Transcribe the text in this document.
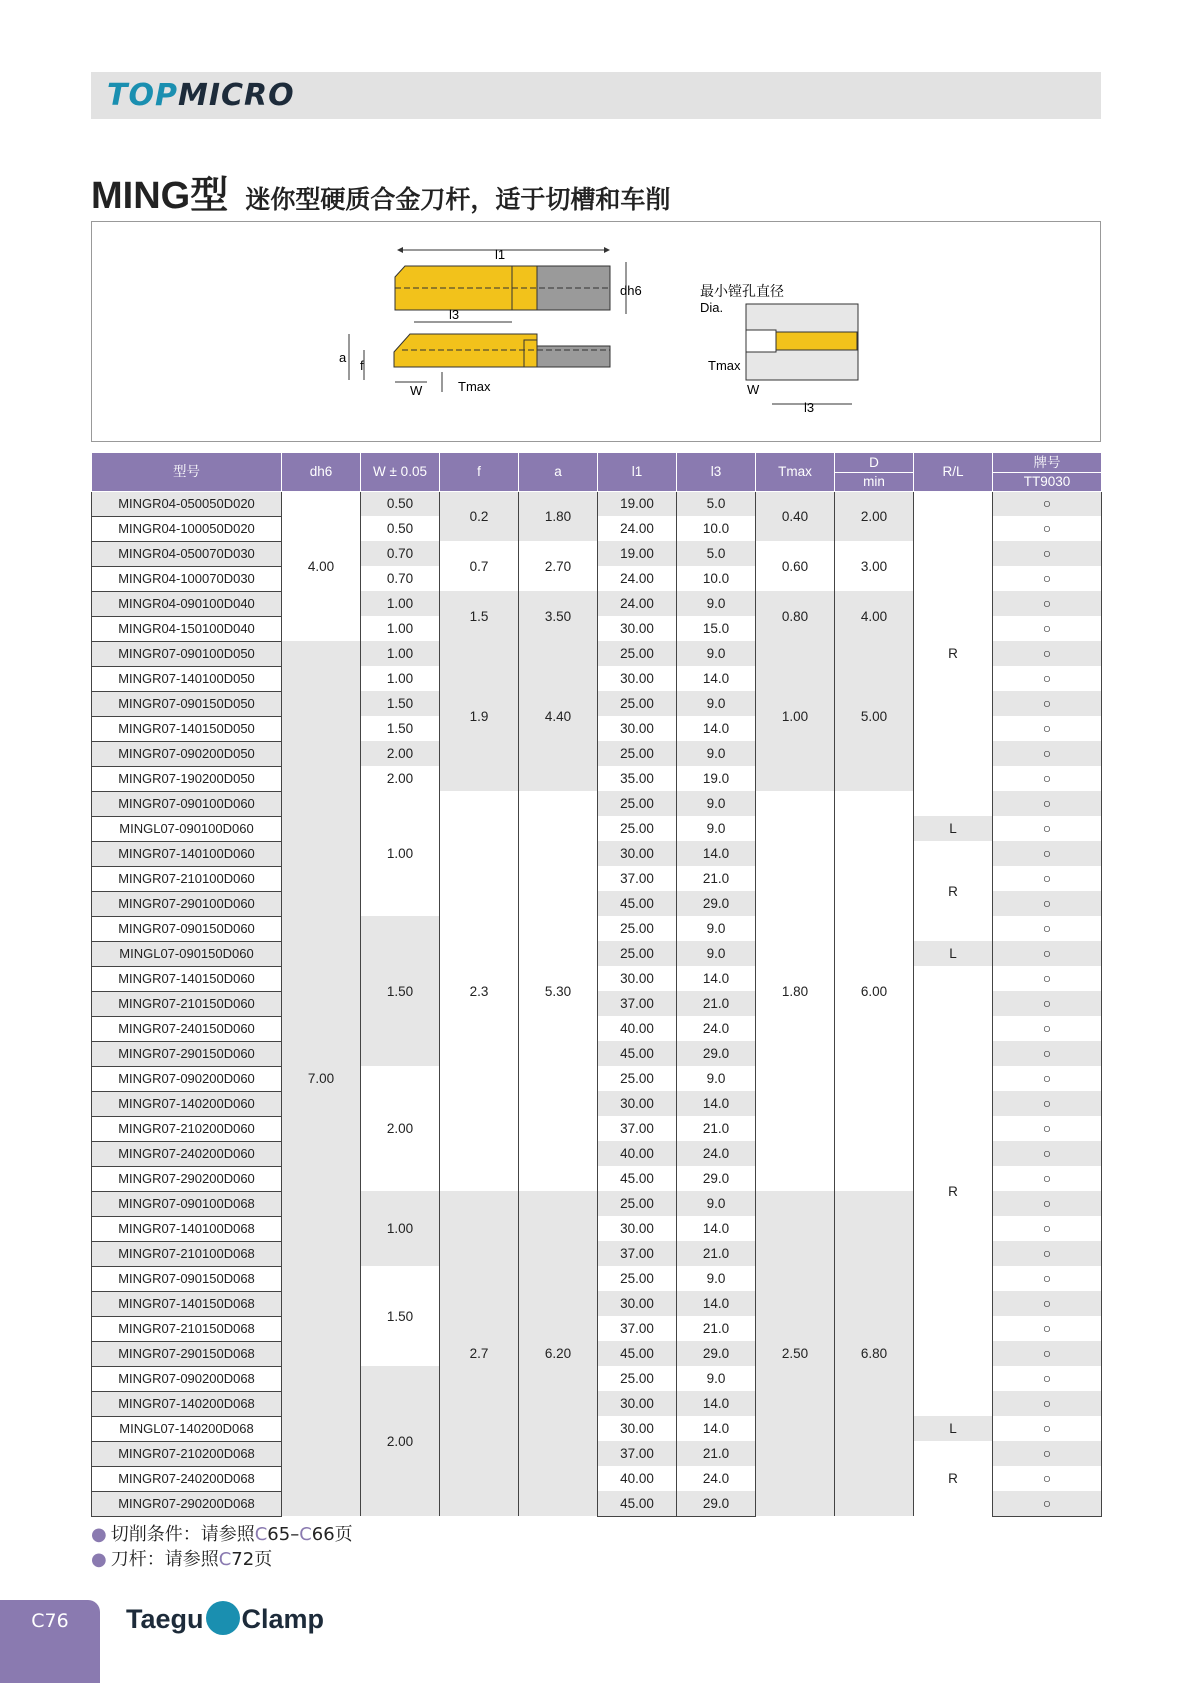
TOPMICRO
MING型 迷你型硬质合金刀杆，适于切槽和车削
l1
dh6
l3
a
f
W	Tmax
最小镗孔直径
Dia.
Tmax
W
l3
型号	dh6	W ± 0.05	f	a	l1	l3	Tmax	D	R/L	牌号
								min		TT9030
MINGR04-050050D020	4.00	0.50	0.2	1.80	19.00	5.0	0.40	2.00	R	○
MINGR04-100050D020		0.50			24.00	10.0				○
MINGR04-050070D030		0.70	0.7	2.70	19.00	5.0	0.60	3.00		○
MINGR04-100070D030		0.70			24.00	10.0				○
MINGR04-090100D040		1.00	1.5	3.50	24.00	9.0	0.80	4.00		○
MINGR04-150100D040		1.00			30.00	15.0				○
MINGR07-090100D050	7.00	1.00	1.9	4.40	25.00	9.0	1.00	5.00		○
MINGR07-140100D050		1.00			30.00	14.0				○
MINGR07-090150D050		1.50			25.00	9.0				○
MINGR07-140150D050		1.50			30.00	14.0				○
MINGR07-090200D050		2.00			25.00	9.0				○
MINGR07-190200D050		2.00			35.00	19.0				○
MINGR07-090100D060		1.00	2.3	5.30	25.00	9.0	1.80	6.00		○
MINGL07-090100D060					25.00	9.0			L	○
MINGR07-140100D060					30.00	14.0			R	○
MINGR07-210100D060					37.00	21.0				○
MINGR07-290100D060					45.00	29.0				○
MINGR07-090150D060		1.50			25.00	9.0				○
MINGL07-090150D060					25.00	9.0			L	○
MINGR07-140150D060					30.00	14.0			R	○
MINGR07-210150D060					37.00	21.0				○
MINGR07-240150D060					40.00	24.0				○
MINGR07-290150D060					45.00	29.0				○
MINGR07-090200D060		2.00			25.00	9.0				○
MINGR07-140200D060					30.00	14.0				○
MINGR07-210200D060					37.00	21.0				○
MINGR07-240200D060					40.00	24.0				○
MINGR07-290200D060					45.00	29.0				○
MINGR07-090100D068		1.00	2.7	6.20	25.00	9.0	2.50	6.80		○
MINGR07-140100D068					30.00	14.0				○
MINGR07-210100D068					37.00	21.0				○
MINGR07-090150D068		1.50			25.00	9.0				○
MINGR07-140150D068					30.00	14.0				○
MINGR07-210150D068					37.00	21.0				○
MINGR07-290150D068					45.00	29.0				○
MINGR07-090200D068		2.00			25.00	9.0				○
MINGR07-140200D068					30.00	14.0				○
MINGL07-140200D068					30.00	14.0			L	○
MINGR07-210200D068					37.00	21.0			R	○
MINGR07-240200D068					40.00	24.0				○
MINGR07-290200D068					45.00	29.0				○
● 切削条件：请参照C65–C66页
● 刀杆：请参照C72页
C76	Taegu Clamp
